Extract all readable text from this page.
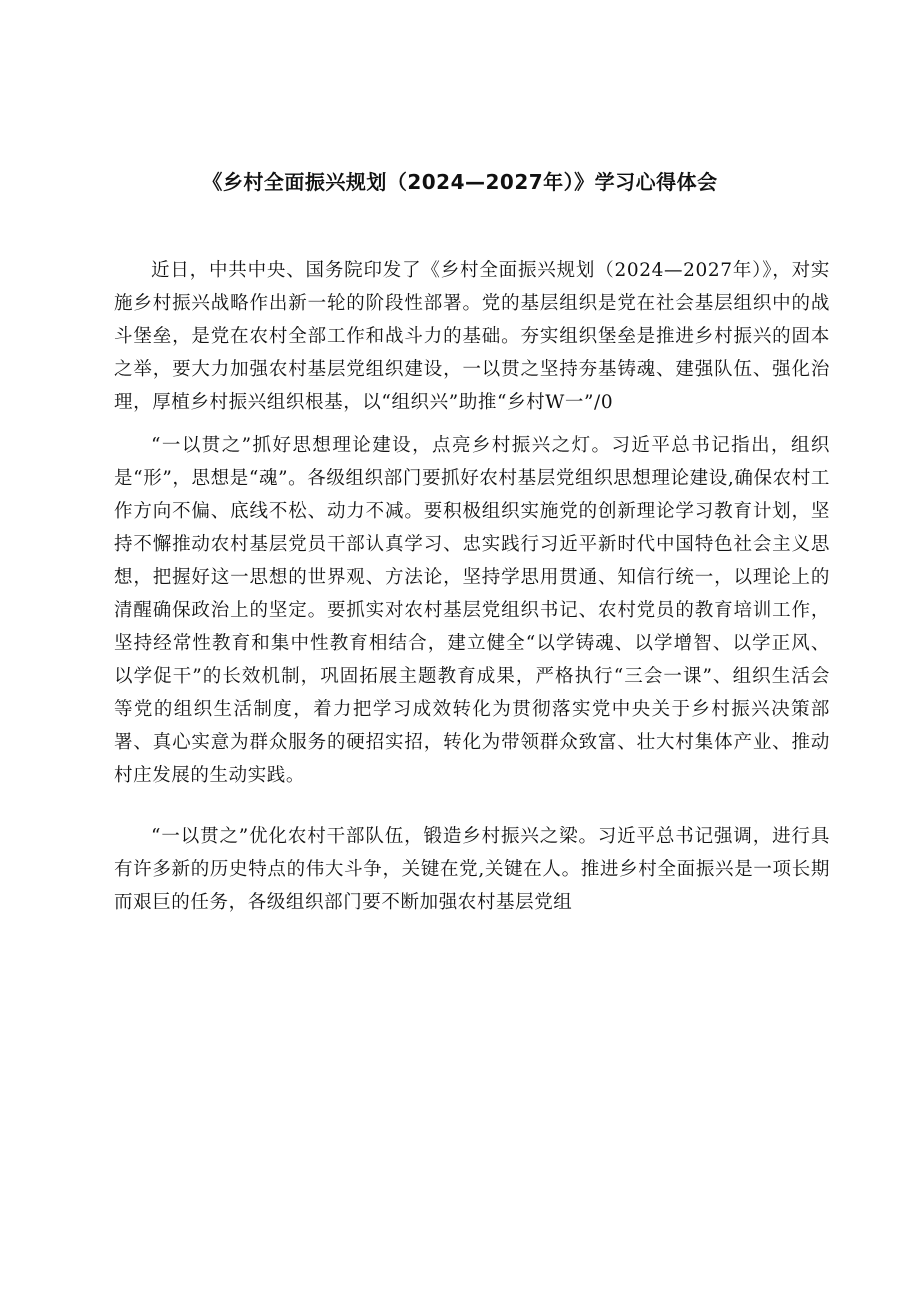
《乡村全面振兴规划（2024—2027年）》学习心得体会

近日，中共中央、国务院印发了《乡村全面振兴规划（2024—2027年）》，对实施乡村振兴战略作出新一轮的阶段性部署。党的基层组织是党在社会基层组织中的战斗堡垒，是党在农村全部工作和战斗力的基础。夯实组织堡垒是推进乡村振兴的固本之举，要大力加强农村基层党组织建设，一以贯之坚持夯基铸魂、建强队伍、强化治理，厚植乡村振兴组织根基，以“组织兴”助推“乡村W一”∕0

“一以贯之”抓好思想理论建设，点亮乡村振兴之灯。习近平总书记指出，组织是“形”，思想是“魂”。各级组织部门要抓好农村基层党组织思想理论建设,确保农村工作方向不偏、底线不松、动力不减。要积极组织实施党的创新理论学习教育计划，坚持不懈推动农村基层党员干部认真学习、忠实践行习近平新时代中国特色社会主义思想，把握好这一思想的世界观、方法论，坚持学思用贯通、知信行统一，以理论上的清醒确保政治上的坚定。要抓实对农村基层党组织书记、农村党员的教育培训工作，坚持经常性教育和集中性教育相结合，建立健全“以学铸魂、以学增智、以学正风、以学促干”的长效机制，巩固拓展主题教育成果，严格执行“三会一课”、组织生活会等党的组织生活制度，着力把学习成效转化为贯彻落实党中央关于乡村振兴决策部署、真心实意为群众服务的硬招实招，转化为带领群众致富、壮大村集体产业、推动村庄发展的生动实践。

“一以贯之”优化农村干部队伍，锻造乡村振兴之梁。习近平总书记强调，进行具有许多新的历史特点的伟大斗争，关键在党,关键在人。推进乡村全面振兴是一项长期而艰巨的任务，各级组织部门要不断加强农村基层党组
